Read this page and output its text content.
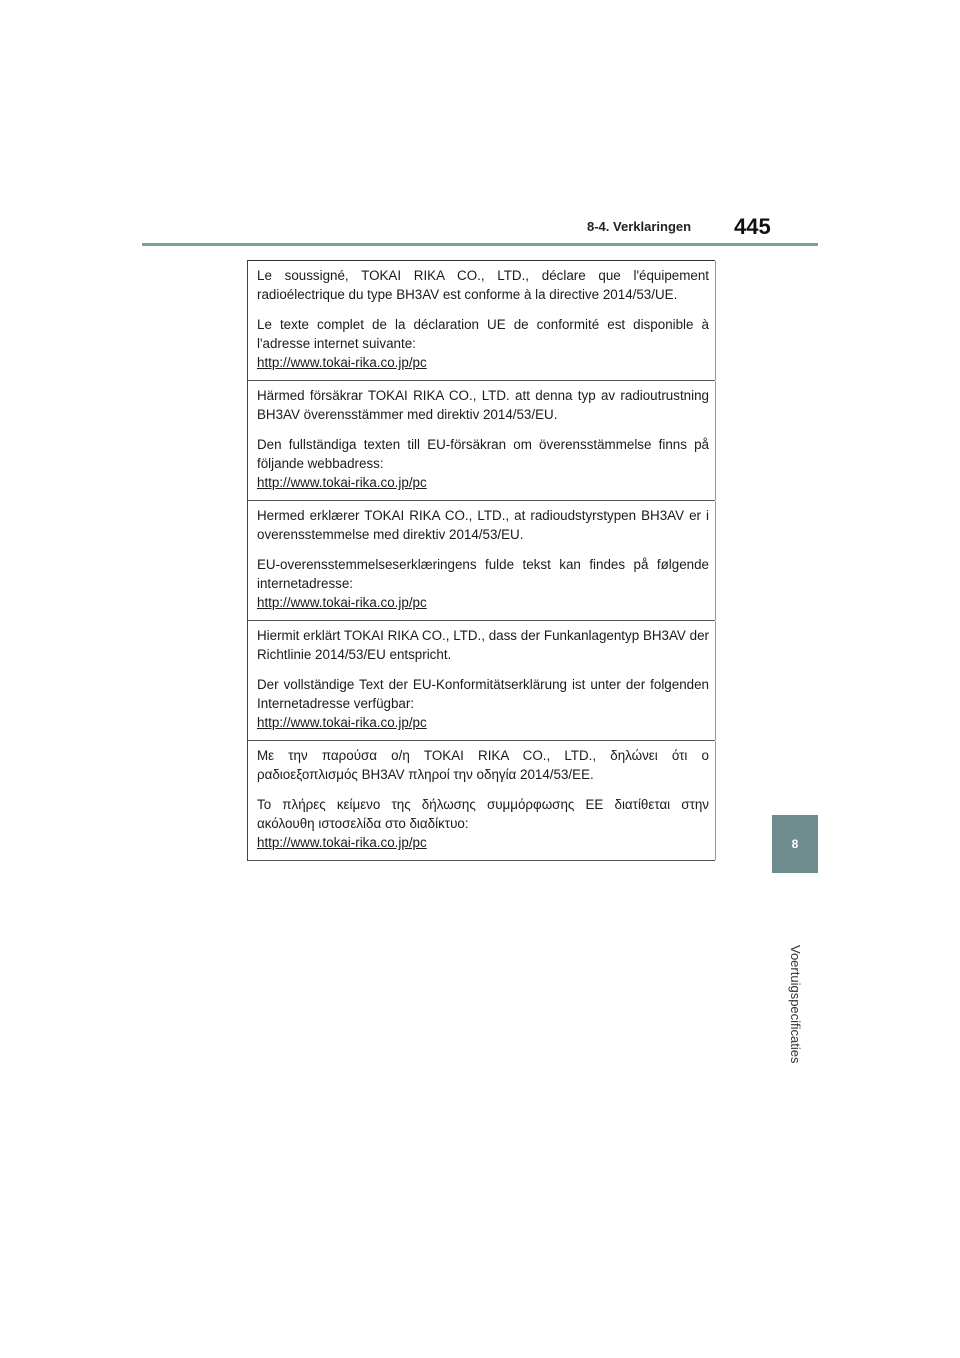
8-4. Verklaringen 445
8
Voertuigspecificaties

Le soussigné, TOKAI RIKA CO., LTD., déclare que l'équipement radioélectrique du type BH3AV est conforme à la directive 2014/53/UE.

Le texte complet de la déclaration UE de conformité est disponible à l'adresse internet suivante:
http://www.tokai-rika.co.jp/pc

Härmed försäkrar TOKAI RIKA CO., LTD. att denna typ av radioutrustning BH3AV överensstämmer med direktiv 2014/53/EU.

Den fullständiga texten till EU-försäkran om överensstämmelse finns på följande webbadress:
http://www.tokai-rika.co.jp/pc

Hermed erklærer TOKAI RIKA CO., LTD., at radioudstyrstypen BH3AV er i overensstemmelse med direktiv 2014/53/EU.

EU-overensstemmelseserklæringens fulde tekst kan findes på følgende internetadresse:
http://www.tokai-rika.co.jp/pc

Hiermit erklärt TOKAI RIKA CO., LTD., dass der Funkanlagentyp BH3AV der Richtlinie 2014/53/EU entspricht.

Der vollständige Text der EU-Konformitätserklärung ist unter der folgenden Internetadresse verfügbar:
http://www.tokai-rika.co.jp/pc

Με την παρούσα ο/η TOKAI RIKA CO., LTD., δηλώνει ότι ο ραδιοεξοπλισμός BH3AV πληροί την οδηγία 2014/53/ΕΕ.

Το πλήρες κείμενο της δήλωσης συμμόρφωσης ΕΕ διατίθεται στην ακόλουθη ιστοσελίδα στο διαδίκτυο:
http://www.tokai-rika.co.jp/pc
